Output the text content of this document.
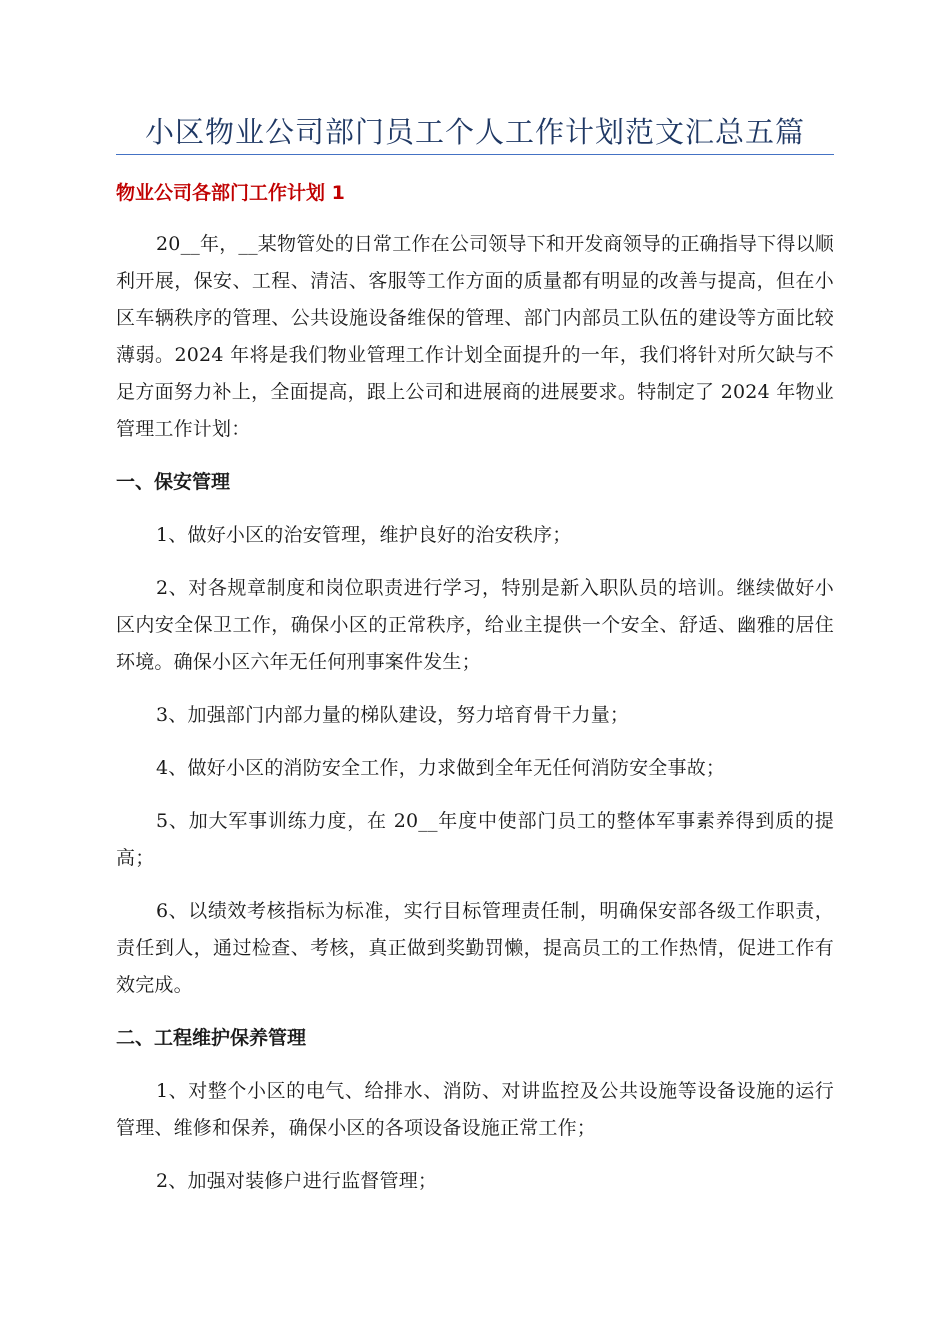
小区物业公司部门员工个人工作计划范文汇总五篇
物业公司各部门工作计划 1

20__年，__某物管处的日常工作在公司领导下和开发商领导的正确指导下得以顺利开展，保安、工程、清洁、客服等工作方面的质量都有明显的改善与提高，但在小区车辆秩序的管理、公共设施设备维保的管理、部门内部员工队伍的建设等方面比较薄弱。2024 年将是我们物业管理工作计划全面提升的一年，我们将针对所欠缺与不足方面努力补上，全面提高，跟上公司和进展商的进展要求。特制定了 2024 年物业管理工作计划：

一、保安管理

1、做好小区的治安管理，维护良好的治安秩序；

2、对各规章制度和岗位职责进行学习，特别是新入职队员的培训。继续做好小区内安全保卫工作，确保小区的正常秩序，给业主提供一个安全、舒适、幽雅的居住环境。确保小区六年无任何刑事案件发生；

3、加强部门内部力量的梯队建设，努力培育骨干力量；

4、做好小区的消防安全工作，力求做到全年无任何消防安全事故；

5、加大军事训练力度，在 20__年度中使部门员工的整体军事素养得到质的提高；

6、以绩效考核指标为标准，实行目标管理责任制，明确保安部各级工作职责，责任到人，通过检查、考核，真正做到奖勤罚懒，提高员工的工作热情，促进工作有效完成。

二、工程维护保养管理

1、对整个小区的电气、给排水、消防、对讲监控及公共设施等设备设施的运行管理、维修和保养，确保小区的各项设备设施正常工作；

2、加强对装修户进行监督管理；
